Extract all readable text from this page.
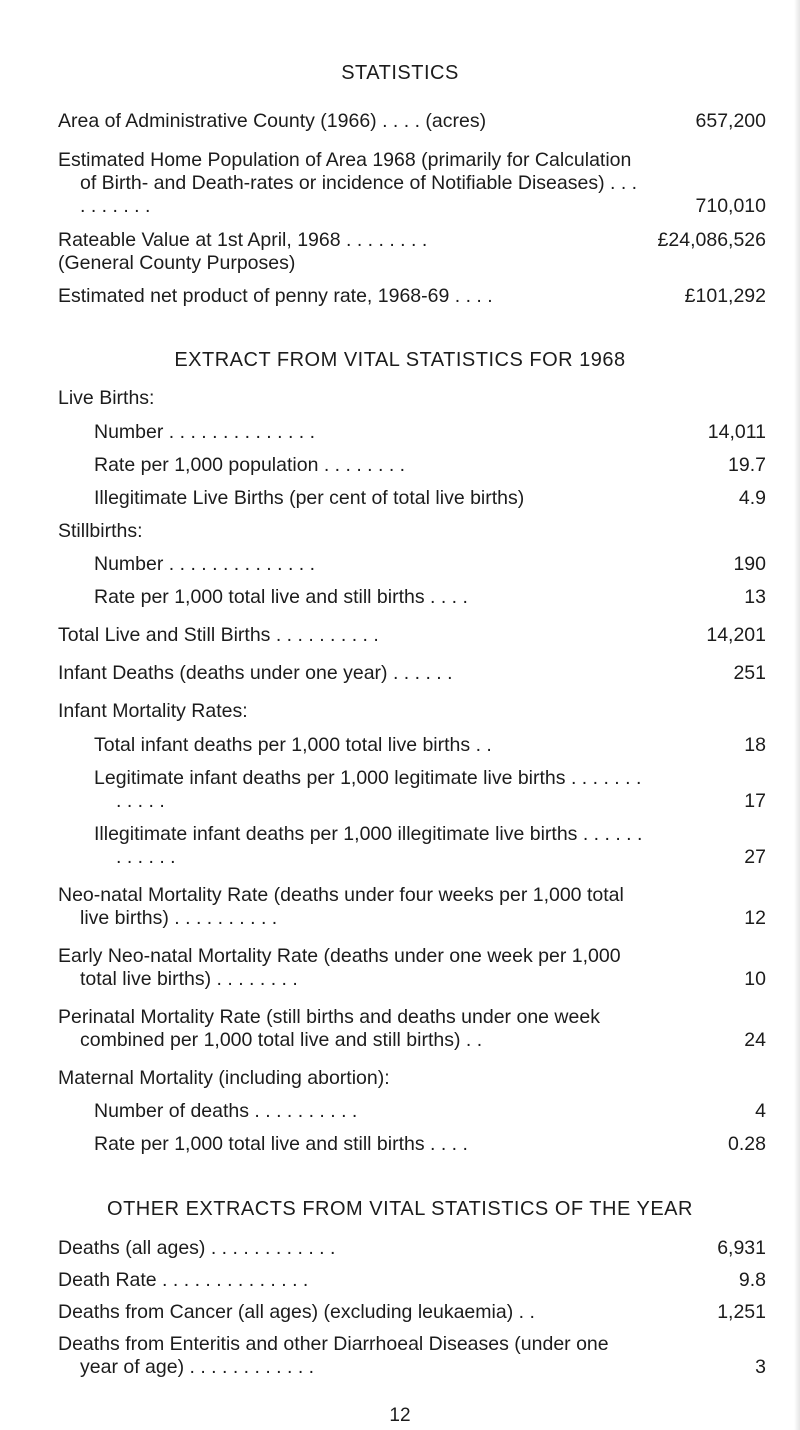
STATISTICS
Area of Administrative County (1966) . . . . (acres)	657,200
Estimated Home Population of Area 1968 (primarily for Calculation of Birth- and Death-rates or incidence of Notifiable Diseases) . . . . . . . . . .	710,010
Rateable Value at 1st April, 1968 . . . . . . . .	£24,086,526
(General County Purposes)
Estimated net product of penny rate, 1968-69 . . . .	£101,292
EXTRACT FROM VITAL STATISTICS FOR 1968
Live Births:
Number . . . . . . . . . . . . . .	14,011
Rate per 1,000 population . . . . . . . .	19.7
Illegitimate Live Births (per cent of total live births)	4.9
Stillbirths:
Number . . . . . . . . . . . . . .	190
Rate per 1,000 total live and still births . . . .	13
Total Live and Still Births . . . . . . . . . .	14,201
Infant Deaths (deaths under one year) . . . . . .	251
Infant Mortality Rates:
Total infant deaths per 1,000 total live births . .	18
Legitimate infant deaths per 1,000 legitimate live births . . . . . . . . . . . .	17
Illegitimate infant deaths per 1,000 illegitimate live births . . . . . . . . . . . .	27
Neo-natal Mortality Rate (deaths under four weeks per 1,000 total live births) . . . . . . . . . .	12
Early Neo-natal Mortality Rate (deaths under one week per 1,000 total live births) . . . . . . . .	10
Perinatal Mortality Rate (still births and deaths under one week combined per 1,000 total live and still births) . .	24
Maternal Mortality (including abortion):
Number of deaths . . . . . . . . . .	4
Rate per 1,000 total live and still births . . . .	0.28
OTHER EXTRACTS FROM VITAL STATISTICS OF THE YEAR
Deaths (all ages) . . . . . . . . . . . .	6,931
Death Rate . . . . . . . . . . . . . .	9.8
Deaths from Cancer (all ages) (excluding leukaemia) . .	1,251
Deaths from Enteritis and other Diarrhoeal Diseases (under one year of age) . . . . . . . . . . . .	3
12
